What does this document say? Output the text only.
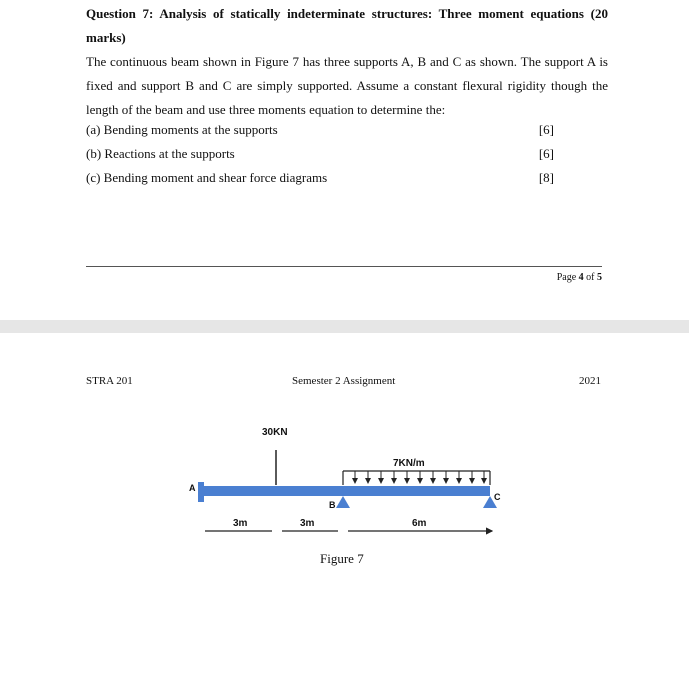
Question 7: Analysis of statically indeterminate structures: Three moment equations (20 marks)

The continuous beam shown in Figure 7 has three supports A, B and C as shown. The support A is fixed and support B and C are simply supported. Assume a constant flexural rigidity though the length of the beam and use three moments equation to determine the:

(a) Bending moments at the supports	[6]
(b) Reactions at the supports	[6]
(c) Bending moment and shear force diagrams	[8]
Page 4 of 5
STRA 201	Semester 2 Assignment	2021
A
30KN
7KN/m
B
C
3m	3m	6m
Figure 7
